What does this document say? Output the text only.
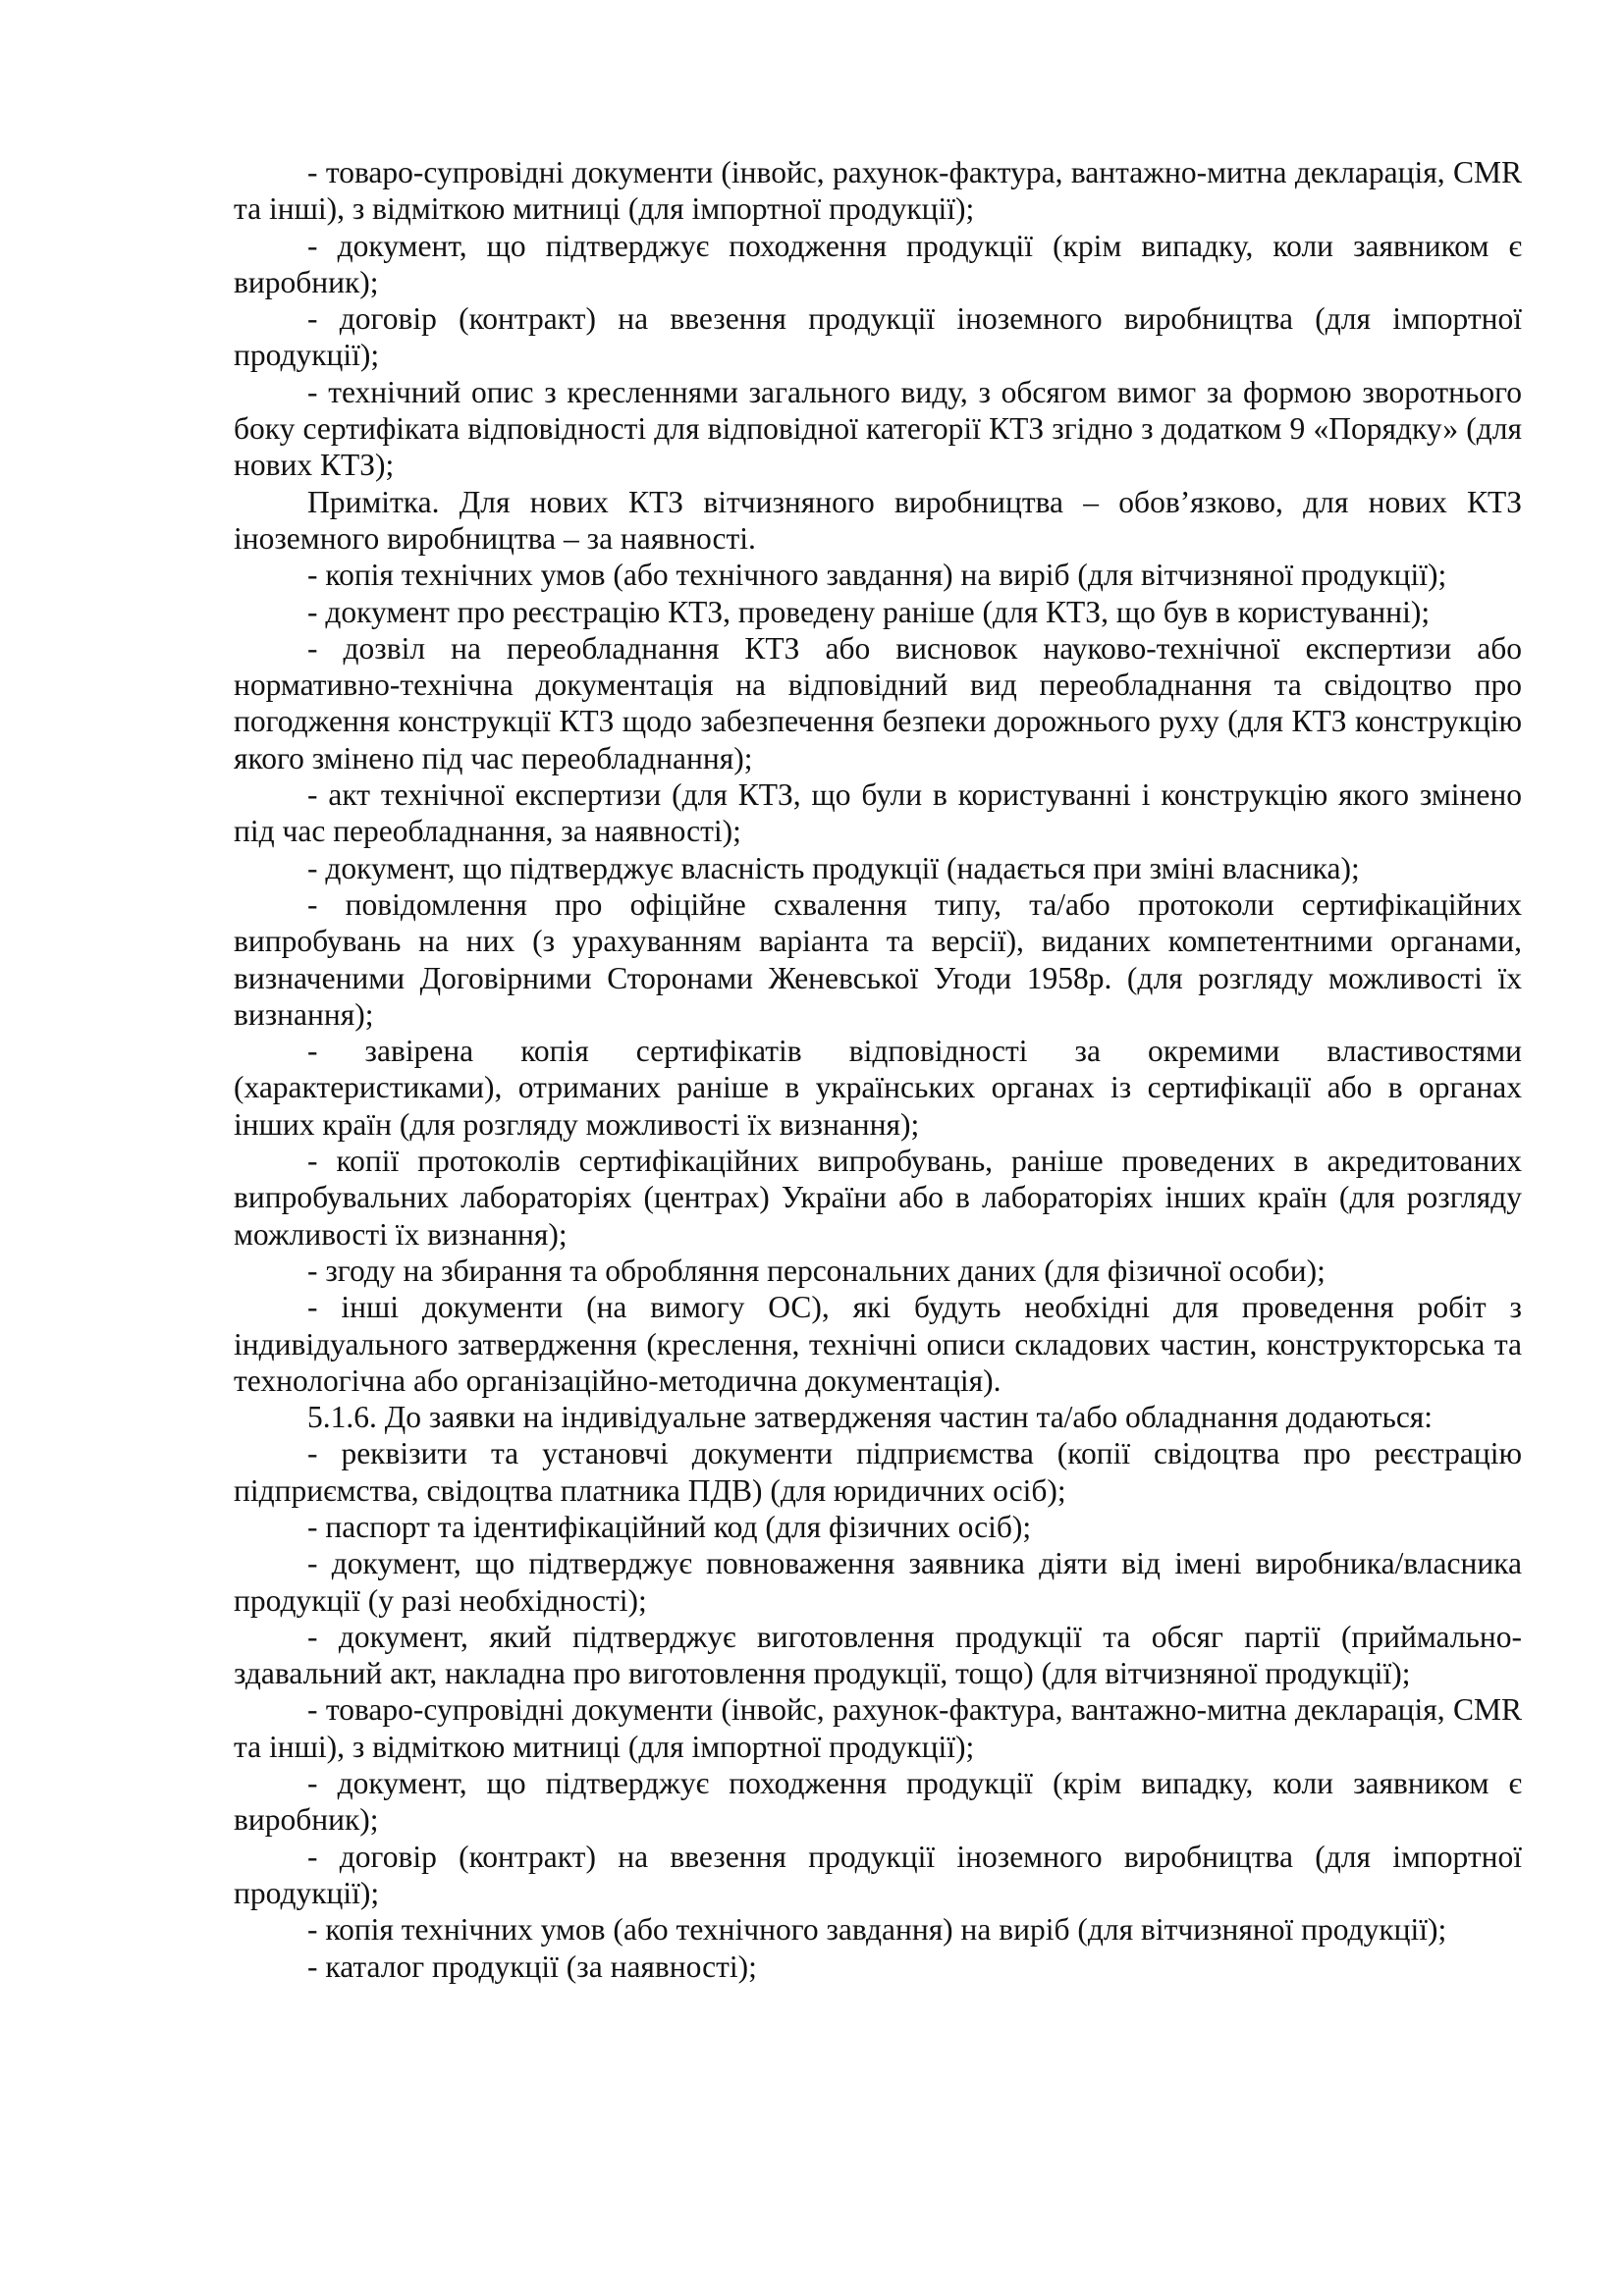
- товаро-супровідні документи (інвойс, рахунок-фактура, вантажно-митна декларація, CMR та інші), з відміткою митниці (для імпортної продукції);

- документ, що підтверджує походження продукції (крім випадку, коли заявником є виробник);

- договір (контракт) на ввезення продукції іноземного виробництва (для імпортної продукції);

- технічний опис з кресленнями загального виду, з обсягом вимог за формою зворотнього боку сертифіката відповідності для відповідної категорії КТЗ згідно з додатком 9 «Порядку» (для нових КТЗ);

Примітка. Для нових КТЗ вітчизняного виробництва – обов’язково, для нових КТЗ іноземного виробництва – за наявності.

- копія технічних умов (або технічного завдання) на виріб (для вітчизняної продукції);

- документ про реєстрацію КТЗ, проведену раніше (для КТЗ, що був в користуванні);

- дозвіл на переобладнання КТЗ або висновок науково-технічної експертизи або нормативно-технічна документація на відповідний вид переобладнання та свідоцтво про погодження конструкції КТЗ щодо забезпечення безпеки дорожнього руху (для КТЗ конструкцію якого змінено під час переобладнання);

- акт технічної експертизи (для КТЗ, що були в користуванні і конструкцію якого змінено під час переобладнання, за наявності);

- документ, що підтверджує власність продукції (надається при зміні власника);

- повідомлення про офіційне схвалення типу, та/або протоколи сертифікаційних випробувань на них (з урахуванням варіанта та версії), виданих компетентними органами, визначеними Договірними Сторонами Женевської Угоди 1958р. (для розгляду можливості їх визнання);

- завірена копія сертифікатів відповідності за окремими властивостями (характеристиками), отриманих раніше в українських органах із сертифікації або в органах інших країн (для розгляду можливості їх визнання);

- копії протоколів сертифікаційних випробувань, раніше проведених в акредитованих випробувальних лабораторіях (центрах) України або в лабораторіях інших країн (для розгляду можливості їх визнання);

- згоду на збирання та обробляння персональних даних (для фізичної особи);

- інші документи (на вимогу ОС), які будуть необхідні для проведення робіт з індивідуального затвердження (креслення, технічні описи складових частин, конструкторська та технологічна або організаційно-методична документація).

5.1.6. До заявки на індивідуальне затвердженяя частин та/або обладнання додаються:

- реквізити та установчі документи підприємства (копії свідоцтва про реєстрацію підприємства, свідоцтва платника ПДВ) (для юридичних осіб);

- паспорт та ідентифікаційний код (для фізичних осіб);

- документ, що підтверджує повноваження заявника діяти від імені виробника/власника продукції (у разі необхідності);

- документ, який підтверджує виготовлення продукції та обсяг партії (приймально-здавальний акт, накладна про виготовлення продукції, тощо) (для вітчизняної продукції);

- товаро-супровідні документи (інвойс, рахунок-фактура, вантажно-митна декларація, CMR та інші), з відміткою митниці (для імпортної продукції);

- документ, що підтверджує походження продукції (крім випадку, коли заявником є виробник);

- договір (контракт) на ввезення продукції іноземного виробництва (для імпортної продукції);

- копія технічних умов (або технічного завдання) на виріб (для вітчизняної продукції);

- каталог продукції (за наявності);
